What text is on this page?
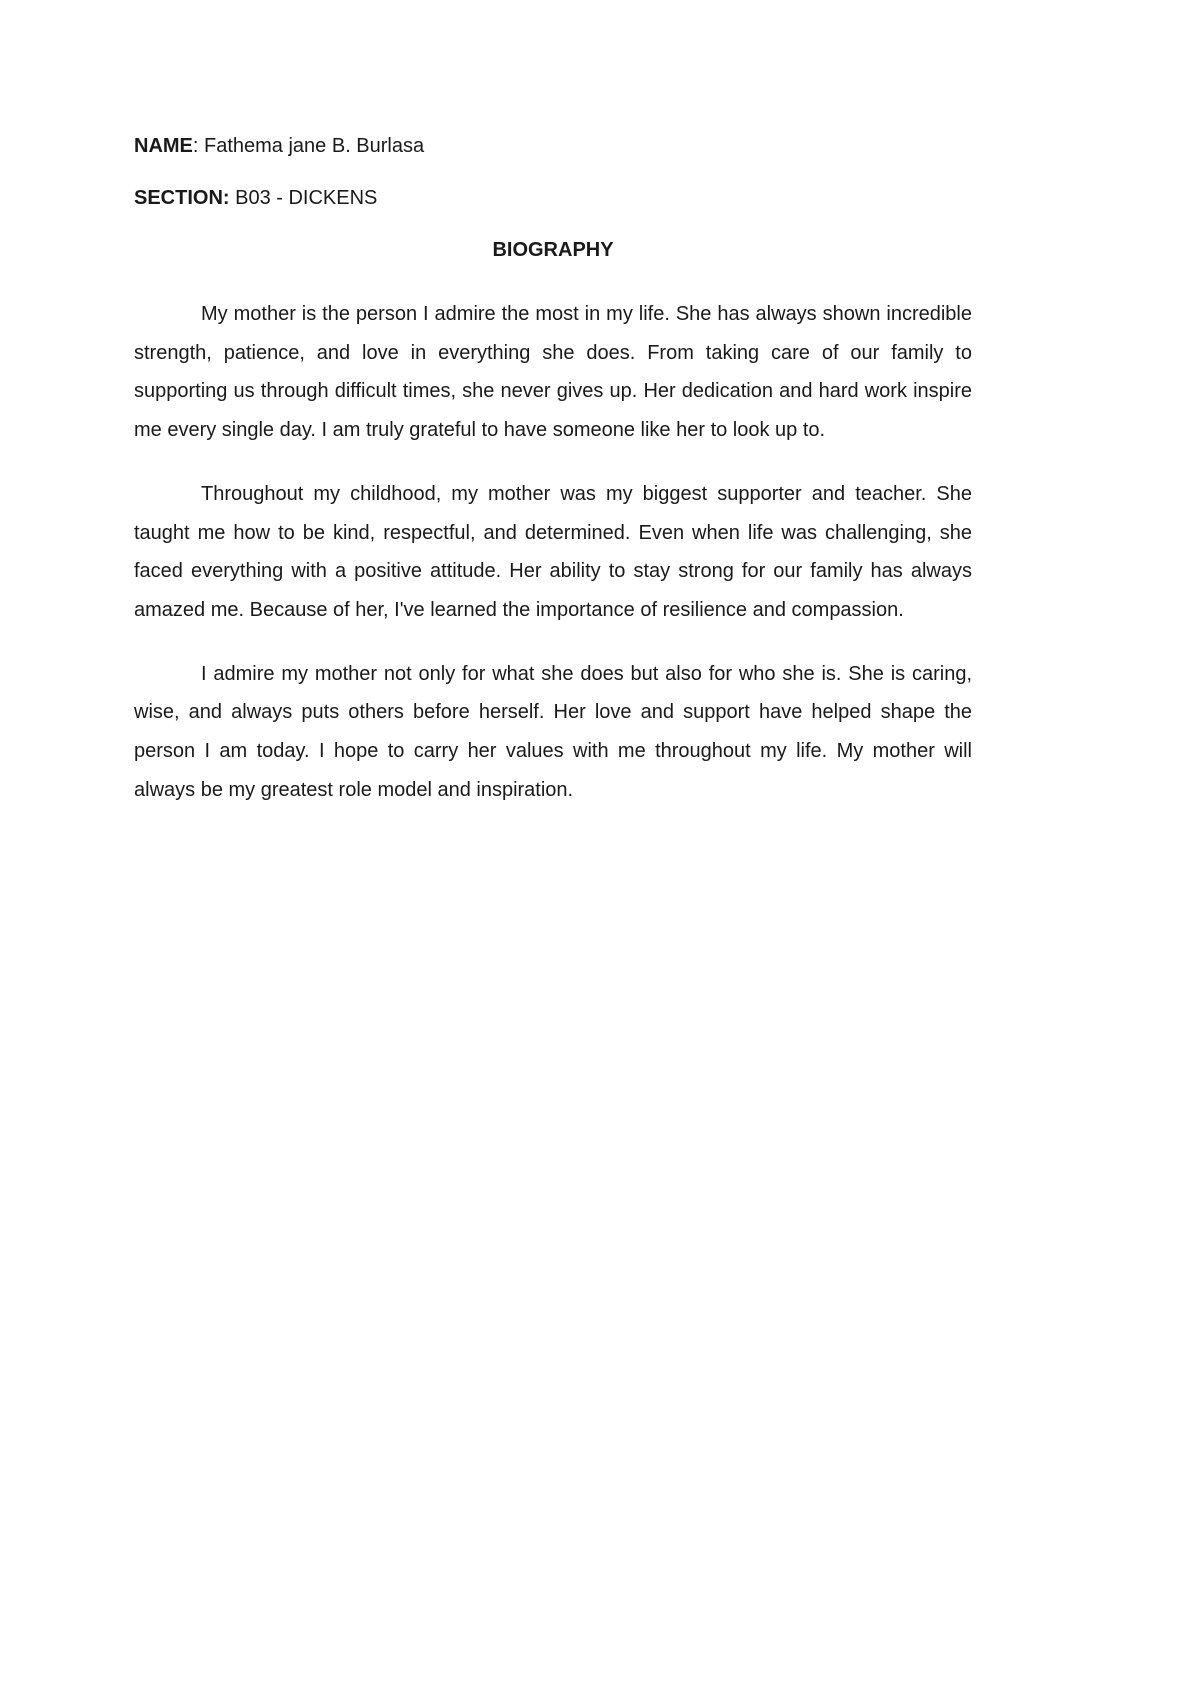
NAME: Fathema jane B. Burlasa

SECTION: B03 - DICKENS

BIOGRAPHY

My mother is the person I admire the most in my life. She has always shown incredible strength, patience, and love in everything she does. From taking care of our family to supporting us through difficult times, she never gives up. Her dedication and hard work inspire me every single day. I am truly grateful to have someone like her to look up to.

Throughout my childhood, my mother was my biggest supporter and teacher. She taught me how to be kind, respectful, and determined. Even when life was challenging, she faced everything with a positive attitude. Her ability to stay strong for our family has always amazed me. Because of her, I've learned the importance of resilience and compassion.

I admire my mother not only for what she does but also for who she is. She is caring, wise, and always puts others before herself. Her love and support have helped shape the person I am today. I hope to carry her values with me throughout my life. My mother will always be my greatest role model and inspiration.
